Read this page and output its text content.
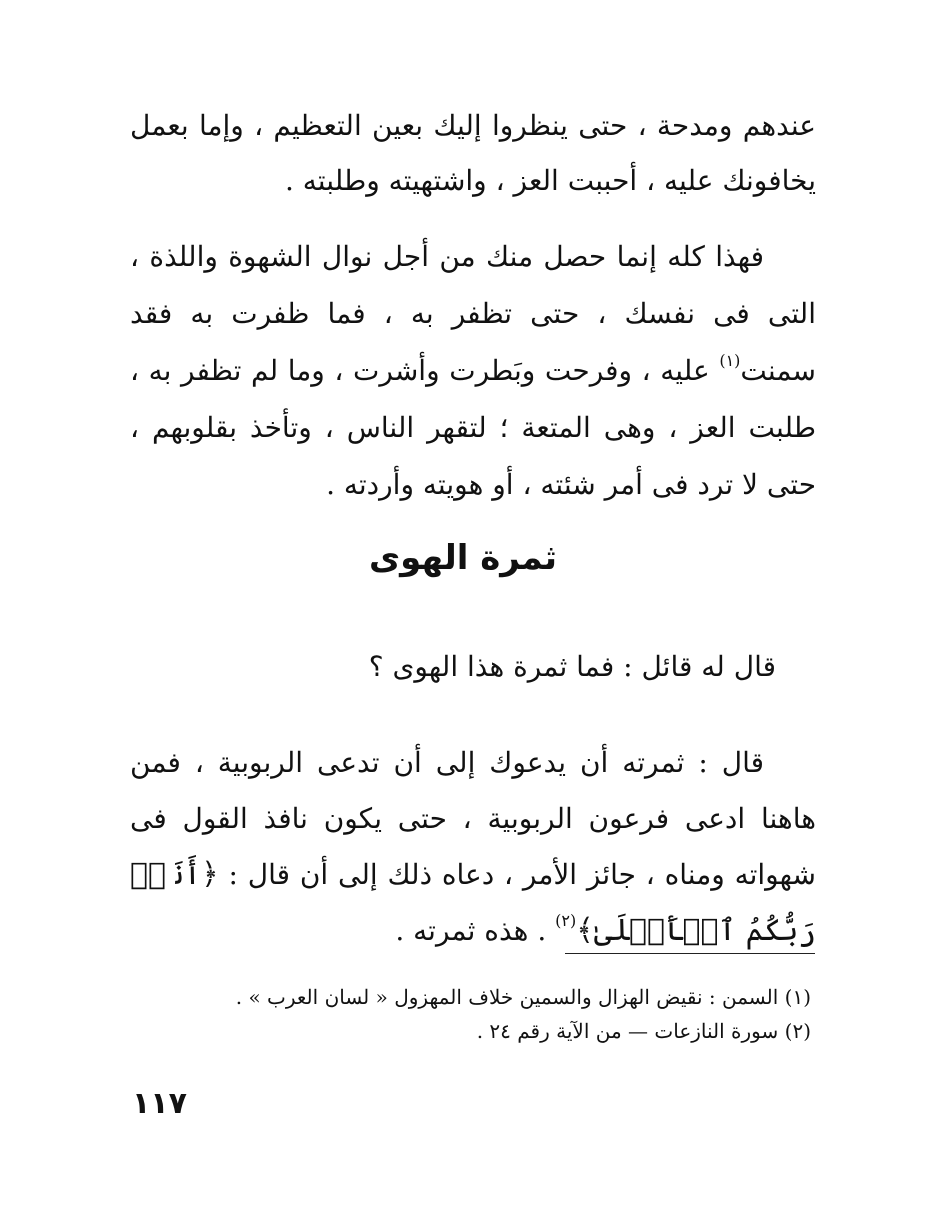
عندهم ومدحة ، حتى ينظروا إليك بعين التعظيم ، وإما بعمل يخافونك عليه ، أحببت العز ، واشتهيته وطلبته .
فهذا كله إنما حصل منك من أجل نوال الشهوة واللذة ، التى فى نفسك ، حتى تظفر به ، فما ظفرت به فقد سمنت$^{(١)}$ عليه ، وفرحت وبَطرت وأشرت ، وما لم تظفر به ، طلبت العز ، وهى المتعة ؛ لتقهر الناس ، وتأخذ بقلوبهم ، حتى لا ترد فى أمر شئته ، أو هويته وأردته .
ثمرة الهوى
قال له قائل : فما ثمرة هذا الهوى ؟
قال : ثمرته أن يدعوك إلى أن تدعى الربوبية ، فمن هاهنا ادعى فرعون الربوبية ، حتى يكون نافذ القول فى شهواته ومناه ، جائز الأمر ، دعاه ذلك إلى أن قال : ﴿أَنَا۠ رَبُّكُمُ ٱلۡأَعۡلَىٰ﴾$^{(٢)}$ . هذه ثمرته .
(١) السمن : نقيض الهزال والسمين خلاف المهزول « لسان العرب » .
(٢) سورة النازعات — من الآية رقم ٢٤ .
١١٧
